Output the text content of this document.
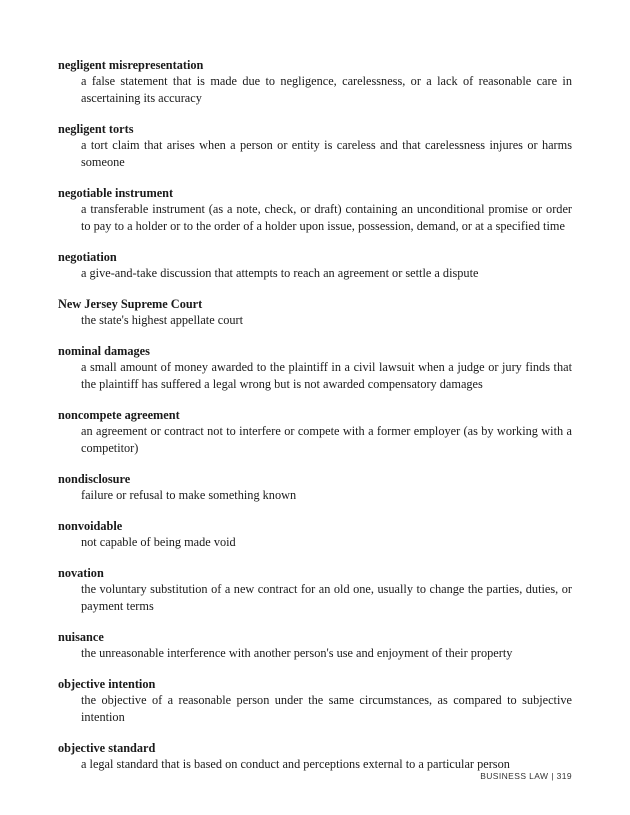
negligent misrepresentation

a false statement that is made due to negligence, carelessness, or a lack of reasonable care in ascertaining its accuracy

negligent torts

a tort claim that arises when a person or entity is careless and that carelessness injures or harms someone

negotiable instrument

a transferable instrument (as a note, check, or draft) containing an unconditional promise or order to pay to a holder or to the order of a holder upon issue, possession, demand, or at a specified time

negotiation

a give-and-take discussion that attempts to reach an agreement or settle a dispute

New Jersey Supreme Court

the state's highest appellate court

nominal damages

a small amount of money awarded to the plaintiff in a civil lawsuit when a judge or jury finds that the plaintiff has suffered a legal wrong but is not awarded compensatory damages

noncompete agreement

an agreement or contract not to interfere or compete with a former employer (as by working with a competitor)

nondisclosure

failure or refusal to make something known

nonvoidable

not capable of being made void

novation

the voluntary substitution of a new contract for an old one, usually to change the parties, duties, or payment terms

nuisance

the unreasonable interference with another person's use and enjoyment of their property

objective intention

the objective of a reasonable person under the same circumstances, as compared to subjective intention

objective standard

a legal standard that is based on conduct and perceptions external to a particular person

BUSINESS LAW | 319
